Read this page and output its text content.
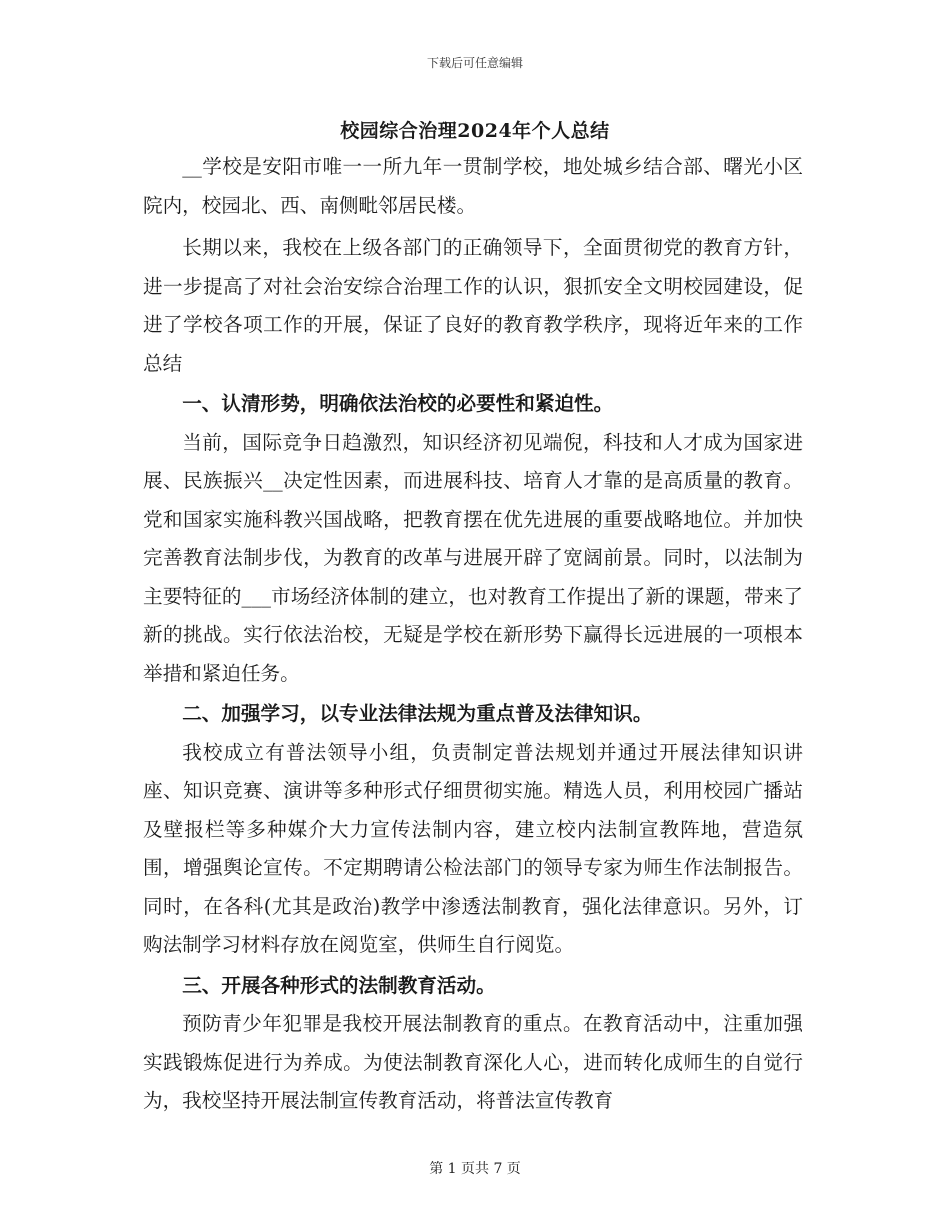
下载后可任意编辑
校园综合治理2024年个人总结

__学校是安阳市唯一一所九年一贯制学校，地处城乡结合部、曙光小区院内，校园北、西、南侧毗邻居民楼。

长期以来，我校在上级各部门的正确领导下，全面贯彻党的教育方针，进一步提高了对社会治安综合治理工作的认识，狠抓安全文明校园建设，促进了学校各项工作的开展，保证了良好的教育教学秩序，现将近年来的工作总结

一、认清形势，明确依法治校的必要性和紧迫性。

当前，国际竞争日趋激烈，知识经济初见端倪，科技和人才成为国家进展、民族振兴__决定性因素，而进展科技、培育人才靠的是高质量的教育。党和国家实施科教兴国战略，把教育摆在优先进展的重要战略地位。并加快完善教育法制步伐，为教育的改革与进展开辟了宽阔前景。同时，以法制为主要特征的___市场经济体制的建立，也对教育工作提出了新的课题，带来了新的挑战。实行依法治校，无疑是学校在新形势下赢得长远进展的一项根本举措和紧迫任务。

二、加强学习，以专业法律法规为重点普及法律知识。

我校成立有普法领导小组，负责制定普法规划并通过开展法律知识讲座、知识竞赛、演讲等多种形式仔细贯彻实施。精选人员，利用校园广播站及壁报栏等多种媒介大力宣传法制内容，建立校内法制宣教阵地，营造氛围，增强舆论宣传。不定期聘请公检法部门的领导专家为师生作法制报告。同时，在各科(尤其是政治)教学中渗透法制教育，强化法律意识。另外，订购法制学习材料存放在阅览室，供师生自行阅览。

三、开展各种形式的法制教育活动。

预防青少年犯罪是我校开展法制教育的重点。在教育活动中，注重加强实践锻炼促进行为养成。为使法制教育深化人心，进而转化成师生的自觉行为，我校坚持开展法制宣传教育活动，将普法宣传教育

第 1 页共 7 页
